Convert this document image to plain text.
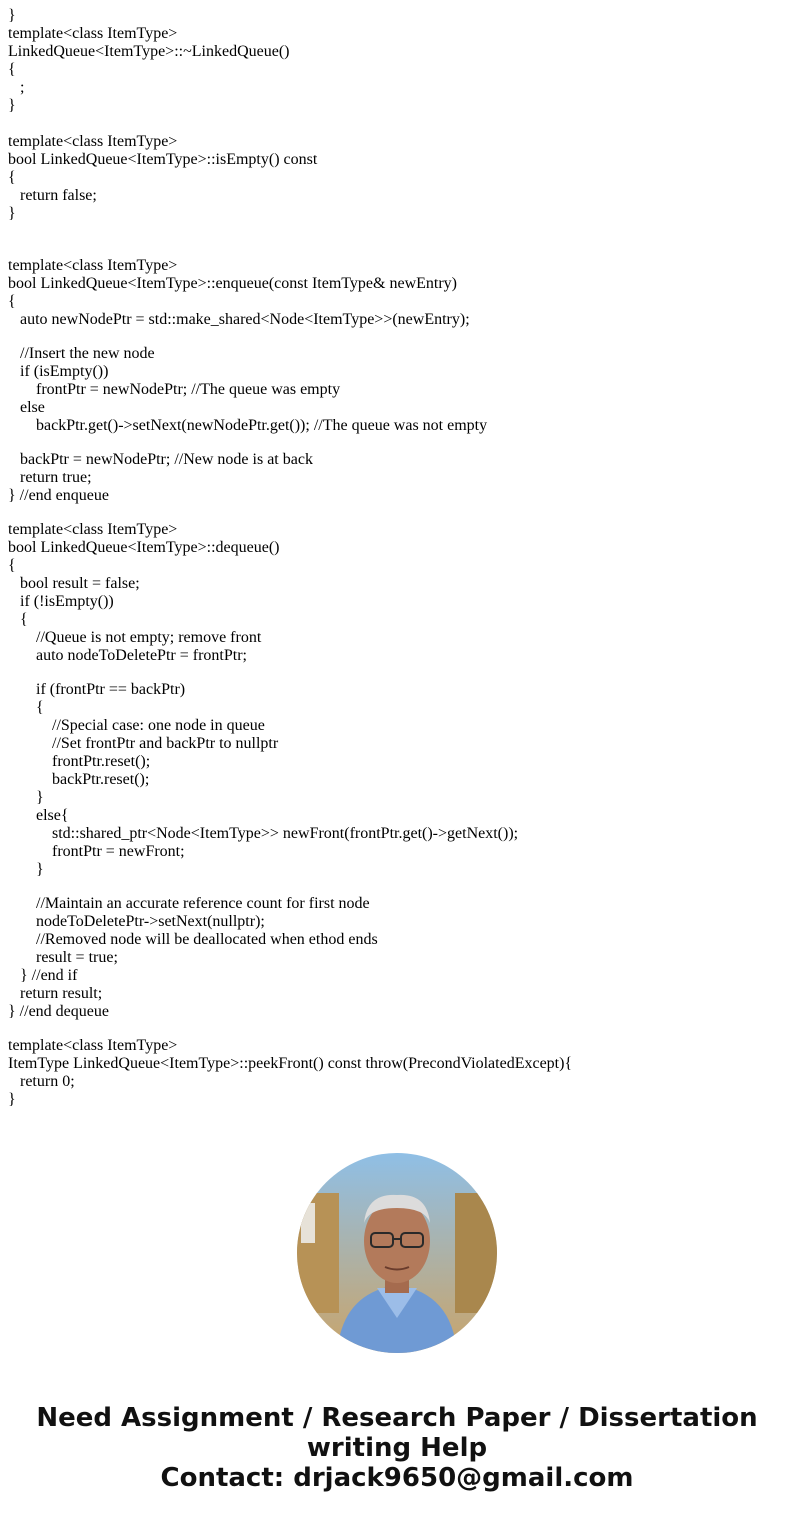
}
template<class ItemType>
LinkedQueue<ItemType>::~LinkedQueue()
{
;
}
template<class ItemType>
bool LinkedQueue<ItemType>::isEmpty() const
{
return false;
}
template<class ItemType>
bool LinkedQueue<ItemType>::enqueue(const ItemType& newEntry)
{
auto newNodePtr = std::make_shared<Node<ItemType>>(newEntry);
//Insert the new node
if (isEmpty())
frontPtr = newNodePtr; //The queue was empty
else
backPtr.get()->setNext(newNodePtr.get()); //The queue was not empty
backPtr = newNodePtr; //New node is at back
return true;
} //end enqueue
template<class ItemType>
bool LinkedQueue<ItemType>::dequeue()
{
bool result = false;
if (!isEmpty())
{
//Queue is not empty; remove front
auto nodeToDeletePtr = frontPtr;
if (frontPtr == backPtr)
{
//Special case: one node in queue
//Set frontPtr and backPtr to nullptr
frontPtr.reset();
backPtr.reset();
}
else{
std::shared_ptr<Node<ItemType>> newFront(frontPtr.get()->getNext());
frontPtr = newFront;
}
//Maintain an accurate reference count for first node
nodeToDeletePtr->setNext(nullptr);
//Removed node will be deallocated when ethod ends
result = true;
} //end if
return result;
} //end dequeue
template<class ItemType>
ItemType LinkedQueue<ItemType>::peekFront() const throw(PrecondViolatedExcept){
return 0;
}
Need Assignment / Research Paper / Dissertation
writing Help
Contact: drjack9650@gmail.com
